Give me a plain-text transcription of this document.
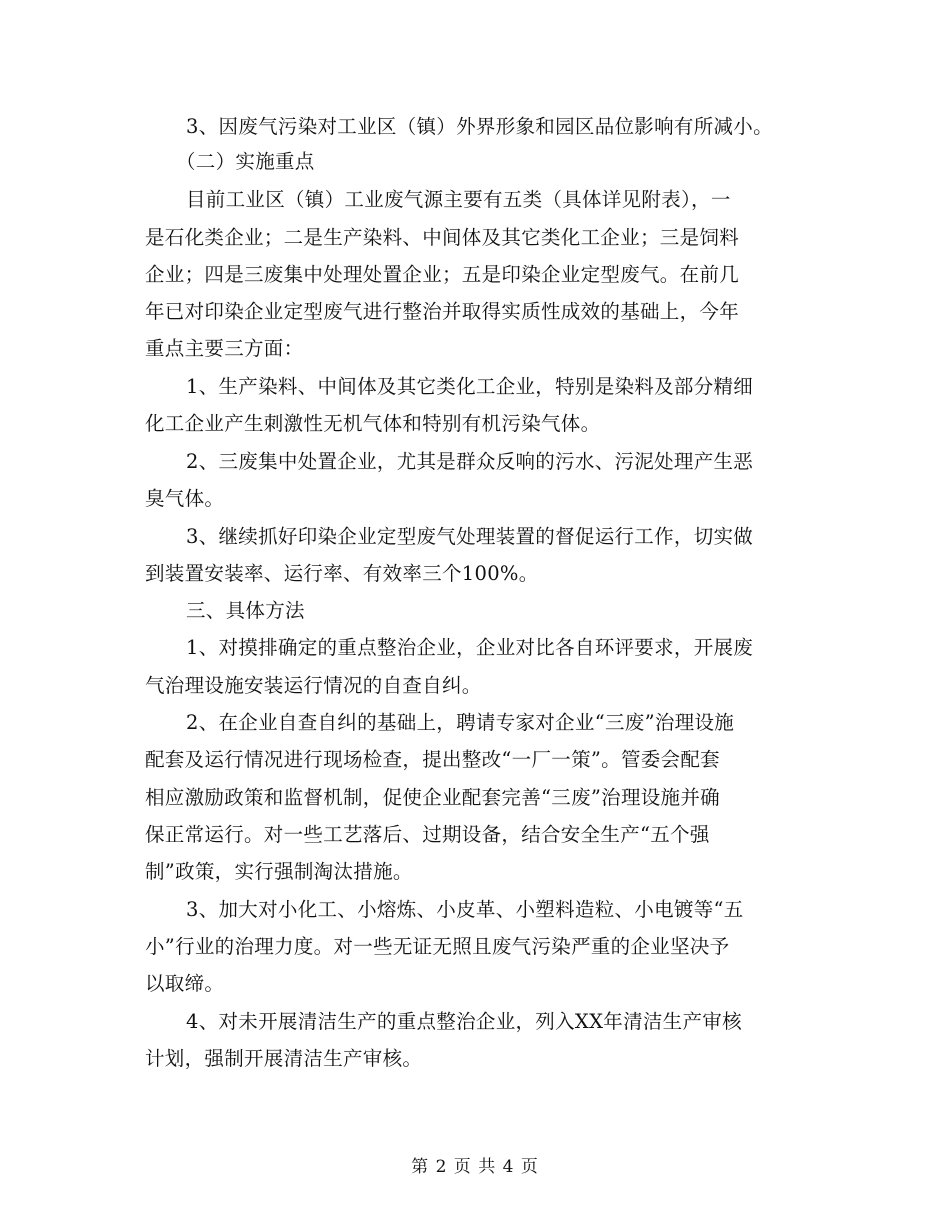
3、因废气污染对工业区（镇）外界形象和园区品位影响有所减小。
（二）实施重点
目前工业区（镇）工业废气源主要有五类（具体详见附表），一
是石化类企业；二是生产染料、中间体及其它类化工企业；三是饲料
企业；四是三废集中处理处置企业；五是印染企业定型废气。在前几
年已对印染企业定型废气进行整治并取得实质性成效的基础上，今年
重点主要三方面：
1、生产染料、中间体及其它类化工企业，特别是染料及部分精细
化工企业产生刺激性无机气体和特别有机污染气体。
2、三废集中处置企业，尤其是群众反响的污水、污泥处理产生恶
臭气体。
3、继续抓好印染企业定型废气处理装置的督促运行工作，切实做
到装置安装率、运行率、有效率三个100%。
三、具体方法
1、对摸排确定的重点整治企业，企业对比各自环评要求，开展废
气治理设施安装运行情况的自查自纠。
2、在企业自查自纠的基础上，聘请专家对企业“三废”治理设施
配套及运行情况进行现场检查，提出整改“一厂一策”。管委会配套
相应激励政策和监督机制，促使企业配套完善“三废”治理设施并确
保正常运行。对一些工艺落后、过期设备，结合安全生产“五个强
制”政策，实行强制淘汰措施。
3、加大对小化工、小熔炼、小皮革、小塑料造粒、小电镀等“五
小”行业的治理力度。对一些无证无照且废气污染严重的企业坚决予
以取缔。
4、对未开展清洁生产的重点整治企业，列入XX年清洁生产审核
计划，强制开展清洁生产审核。
第 2 页 共 4 页
